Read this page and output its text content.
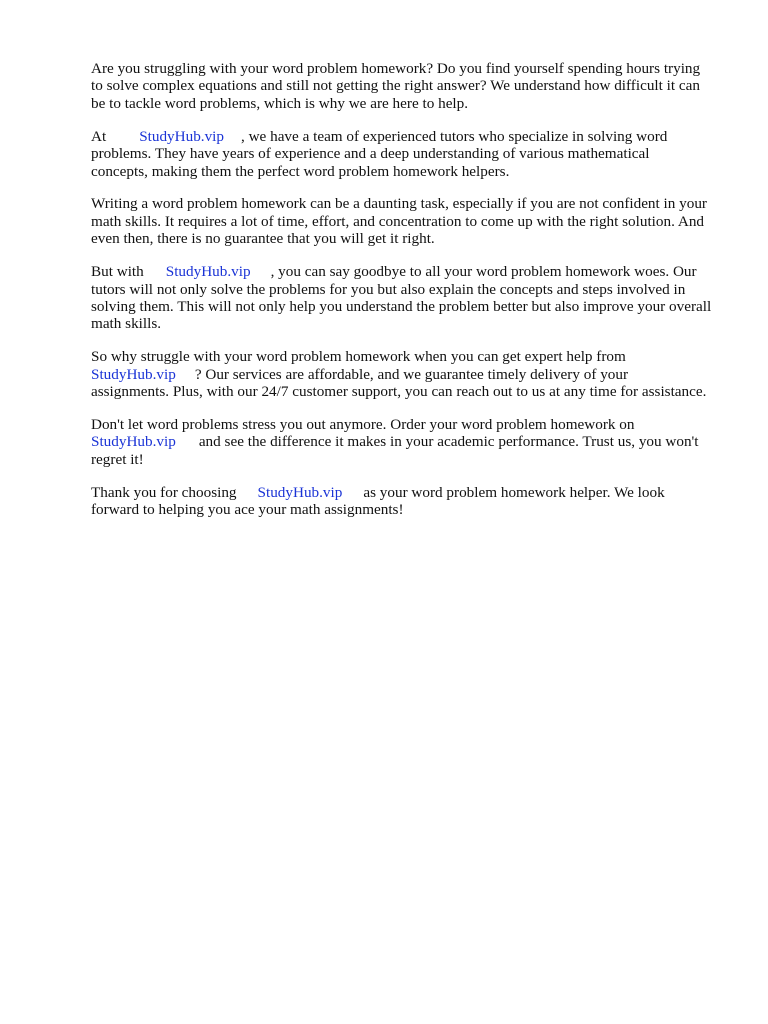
Are you struggling with your word problem homework? Do you find yourself spending hours trying
to solve complex equations and still not getting the right answer? We understand how difficult it can
be to tackle word problems, which is why we are here to help.

At StudyHub.vip , we have a team of experienced tutors who specialize in solving word
problems. They have years of experience and a deep understanding of various mathematical
concepts, making them the perfect word problem homework helpers.

Writing a word problem homework can be a daunting task, especially if you are not confident in your
math skills. It requires a lot of time, effort, and concentration to come up with the right solution. And
even then, there is no guarantee that you will get it right.

But with StudyHub.vip , you can say goodbye to all your word problem homework woes. Our
tutors will not only solve the problems for you but also explain the concepts and steps involved in
solving them. This will not only help you understand the problem better but also improve your overall
math skills.

So why struggle with your word problem homework when you can get expert help from
StudyHub.vip ? Our services are affordable, and we guarantee timely delivery of your
assignments. Plus, with our 24/7 customer support, you can reach out to us at any time for assistance.

Don't let word problems stress you out anymore. Order your word problem homework on
StudyHub.vip and see the difference it makes in your academic performance. Trust us, you won't
regret it!

Thank you for choosing StudyHub.vip as your word problem homework helper. We look
forward to helping you ace your math assignments!
